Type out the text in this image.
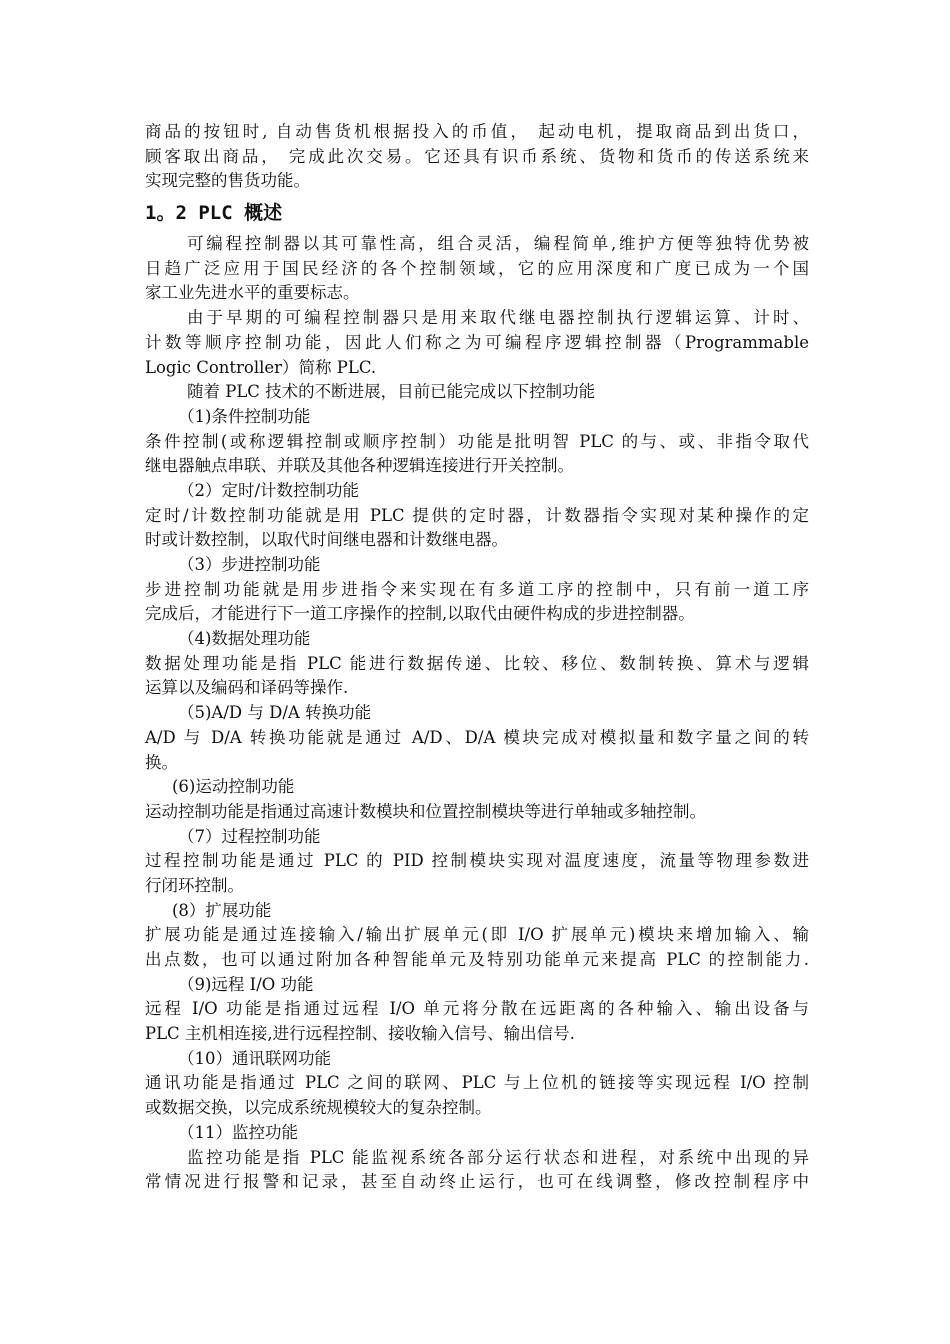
商品的按钮时, 自动售货机根据投入的币值， 起动电机，提取商品到出货口，
顾客取出商品， 完成此次交易。它还具有识币系统、货物和货币的传送系统来
实现完整的售货功能。
1。2 PLC 概述
可编程控制器以其可靠性高，组合灵活，编程简单,维护方便等独特优势被
日趋广泛应用于国民经济的各个控制领域，它的应用深度和广度已成为一个国
家工业先进水平的重要标志。
由于早期的可编程控制器只是用来取代继电器控制执行逻辑运算、计时、
计数等顺序控制功能，因此人们称之为可编程序逻辑控制器（Programmable
Logic Controller）简称 PLC.
随着 PLC 技术的不断进展，目前已能完成以下控制功能
（1)条件控制功能
条件控制(或称逻辑控制或顺序控制）功能是批明智 PLC 的与、或、非指令取代
继电器触点串联、并联及其他各种逻辑连接进行开关控制。
（2）定时/计数控制功能
定时/计数控制功能就是用 PLC 提供的定时器，计数器指令实现对某种操作的定
时或计数控制，以取代时间继电器和计数继电器。
（3）步进控制功能
步进控制功能就是用步进指令来实现在有多道工序的控制中，只有前一道工序
完成后，才能进行下一道工序操作的控制,以取代由硬件构成的步进控制器。
（4)数据处理功能
数据处理功能是指 PLC 能进行数据传递、比较、移位、数制转换、算术与逻辑
运算以及编码和译码等操作.
（5)A/D 与 D/A 转换功能
A/D 与 D/A 转换功能就是通过 A/D、D/A 模块完成对模拟量和数字量之间的转
换。
(6)运动控制功能
运动控制功能是指通过高速计数模块和位置控制模块等进行单轴或多轴控制。
（7）过程控制功能
过程控制功能是通过 PLC 的 PID 控制模块实现对温度速度，流量等物理参数进
行闭环控制。
(8）扩展功能
扩展功能是通过连接输入/输出扩展单元(即 I/O 扩展单元)模块来增加输入、输
出点数，也可以通过附加各种智能单元及特别功能单元来提高 PLC 的控制能力.
（9)远程 I/O 功能
远程 I/O 功能是指通过远程 I/O 单元将分散在远距离的各种输入、输出设备与
PLC 主机相连接,进行远程控制、接收输入信号、输出信号.
（10）通讯联网功能
通讯功能是指通过 PLC 之间的联网、PLC 与上位机的链接等实现远程 I/O 控制
或数据交换，以完成系统规模较大的复杂控制。
（11）监控功能
监控功能是指 PLC 能监视系统各部分运行状态和进程，对系统中出现的异
常情况进行报警和记录，甚至自动终止运行，也可在线调整，修改控制程序中
